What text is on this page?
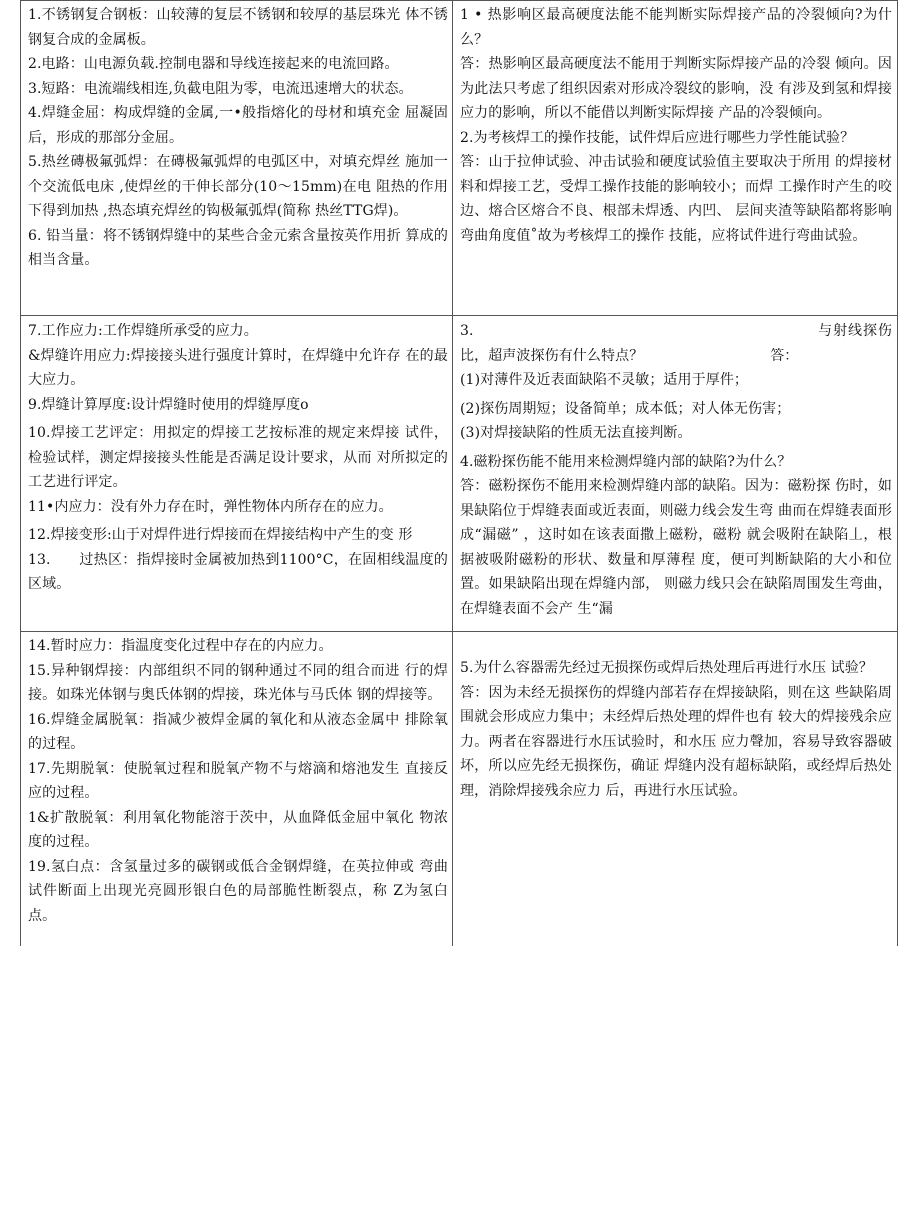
1.不锈钢复合钢板：山较薄的复层不锈钢和较厚的基层珠光 体不锈钢复合成的金属板。

2.电路：山电源负载.控制电器和导线连接起来的电流回路。

3.短路：电流端线相连,负截电阻为零，电流迅速增大的状态。

4.焊缝金屈：构成焊缝的金属,一•般指熔化的母材和填充金 屈凝固后，形成的那部分金屈。

5.热丝磚极氟弧焊：在磚极氟弧焊的电弧区中，对填充焊丝 施加一个交流低电床 ,使焊丝的干伸长部分(10〜15mm)在电 阻热的作用下得到加热 ,热态填充焊丝的钩极氟弧焊(简称 热丝TTG焊)。

6. 铅当量：将不锈钢焊缝中的某些合金元索含量按英作用折 算成的相当含量。

1 • 热影响区最高硬度法能不能判断实际焊接产品的冷裂倾向?为什么？

答：热影响区最高硬度法不能用于判断实际焊接产品的冷裂 倾向。因为此法只考虑了组织因索对形成冷裂纹的影响，没 有涉及到氢和焊接应力的影响，所以不能借以判断实际焊接 产品的冷裂倾向。

2.为考核焊工的操作技能，试件焊后应进行哪些力学性能试验？

答：山于拉伸试验、冲击试验和硬度试验值主要取决于所用 的焊接材料和焊接工艺，受焊工操作技能的影响较小；而焊 工操作时产生的咬边、熔合区熔合不良、根部未焊透、内凹、 层间夹渣等缺陷都将影响弯曲角度值˚故为考核焊工的操作 技能，应将试件进行弯曲试验。

7.工作应力:工作焊缝所承受的应力。

&焊缝许用应力:焊接接头进行强度计算时，在焊缝中允许存 在的最大应力。

9.焊缝计算厚度:设计焊缝时使用的焊缝厚度o

10.焊接工艺评定：用拟定的焊接工艺按标准的规定来焊接 试件，检验试样，测定焊接接头性能是否满足设计要求，从而 对所拟定的工艺进行评定。

11•内应力：没有外力存在时，弹性物体内所存在的应力。

12.焊接变形:山于对焊件进行焊接而在焊接结构中产生的变 形

13.　　过热区：指焊接时金属被加热到1100°C，在固相线温度的 区域。

3.　　　　　　　　　　　　　　　　　　　　　　　与射线探伤比，超声波探伤有什么特点？　　　　　　　　　答：

(1)对薄件及近表面缺陷不灵敏；适用于厚件；

(2)探伤周期短；设备简单；成本低；对人体无伤害；

(3)对焊接缺陷的性质无法直接判断。

4.磁粉探伤能不能用来检测焊缝内部的缺陷?为什么？

答：磁粉探伤不能用来检测焊缝内部的缺陷。因为：磁粉探 伤时，如果缺陷位于焊缝表面或近表面，则磁力线会发生弯 曲而在焊缝表面形成“漏磁” ，这时如在该表面撒上磁粉，磁粉 就会吸附在缺陷丄，根据被吸附磁粉的形状、数量和厚薄程 度，便可判断缺陷的大小和位置。如果缺陷出现在焊缝内部， 则磁力线只会在缺陷周围发生弯曲，在焊缝表面不会产 生“漏

14.暂时应力：指温度变化过程中存在的内应力。

15.异种钢焊接：内部组织不同的钢种通过不同的组合而进 行的焊接。如珠光体钢与奥氏体钢的焊接，珠光体与马氏体 钢的焊接等。

16.焊缝金属脱氧：指减少被焊金属的氧化和从液态金属中 排除氧的过程。

17.先期脱氧：使脱氧过程和脱氧产物不与熔滴和熔池发生 直接反应的过程。

1&扩散脱氧：利用氧化物能溶于茨中，从血降低金屈中氧化 物浓度的过程。

19.氢白点：含氢量过多的碳钢或低合金钢焊缝，在英拉伸或 弯曲试件断面上出现光亮圆形银白色的局部脆性断裂点，称 Z为氢白点。

5.为什么容器需先经过无损探伤或焊后热处理后再进行水压 试验？

答：因为未经无损探伤的焊缝内部若存在焊接缺陷，则在这 些缺陷周围就会形成应力集中；未经焊后热处理的焊件也有 较大的焊接残余应力。两者在容器进行水压试验时，和水压 应力聲加，容易导致容器破坏，所以应先经无损探伤，确证 焊缝内没有超标缺陷，或经焊后热处理，消除焊接残余应力 后，再进行水压试验。
